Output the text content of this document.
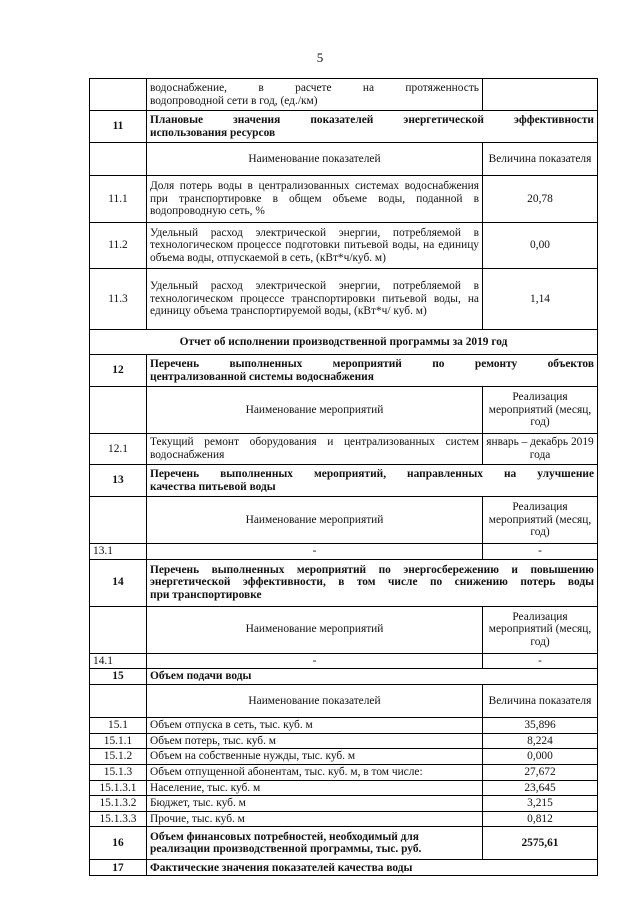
5

	водоснабжение, в расчете на протяженность
водопроводной сети в год, (ед./км)	

11	Плановые значения показателей энергетической эффективности
использования ресурсов	

	Наименование показателей	Величина показателя
11.1	Доля потерь воды в централизованных системах водоснабжения при транспортировке в общем объеме воды, поданной в водопроводную сеть, %	20,78
11.2	Удельный расход электрической энергии, потребляемой в технологическом процессе подготовки питьевой воды, на единицу объема воды, отпускаемой в сеть, (кВт*ч/куб. м)	0,00
11.3	Удельный расход электрической энергии, потребляемой в технологическом процессе транспортировки питьевой воды, на единицу объема транспортируемой воды, (кВт*ч/ куб. м)	1,14
Отчет об исполнении производственной программы за 2019 год		
12	Перечень выполненных мероприятий по ремонту объектов
централизованной системы водоснабжения	

	Наименование мероприятий	Реализация мероприятий (месяц, год)
12.1	Текущий ремонт оборудования и централизованных систем водоснабжения	январь – декабрь 2019 года
13	Перечень выполненных мероприятий, направленных на улучшение
качества питьевой воды	

	Наименование мероприятий	Реализация мероприятий (месяц, год)
13.1	-	-
14	Перечень выполненных мероприятий по энергосбережению и повышению
энергетической эффективности, в том числе по снижению потерь воды
при транспортировке	

	Наименование мероприятий	Реализация мероприятий (месяц, год)
14.1	-	-
15	Объем подачи воды	
	Наименование показателей	Величина показателя
15.1	Объем отпуска в сеть, тыс. куб. м	35,896
15.1.1	Объем потерь, тыс. куб. м	8,224
15.1.2	Объем на собственные нужды, тыс. куб. м	0,000
15.1.3	Объем отпущенной абонентам, тыс. куб. м, в том числе:	27,672
15.1.3.1	Население, тыс. куб. м	23,645
15.1.3.2	Бюджет, тыс. куб. м	3,215
15.1.3.3	Прочие, тыс. куб. м	0,812
16	Объем финансовых потребностей, необходимый для
реализации производственной программы, тыс. руб.	2575,61
17	Фактические значения показателей качества воды	
